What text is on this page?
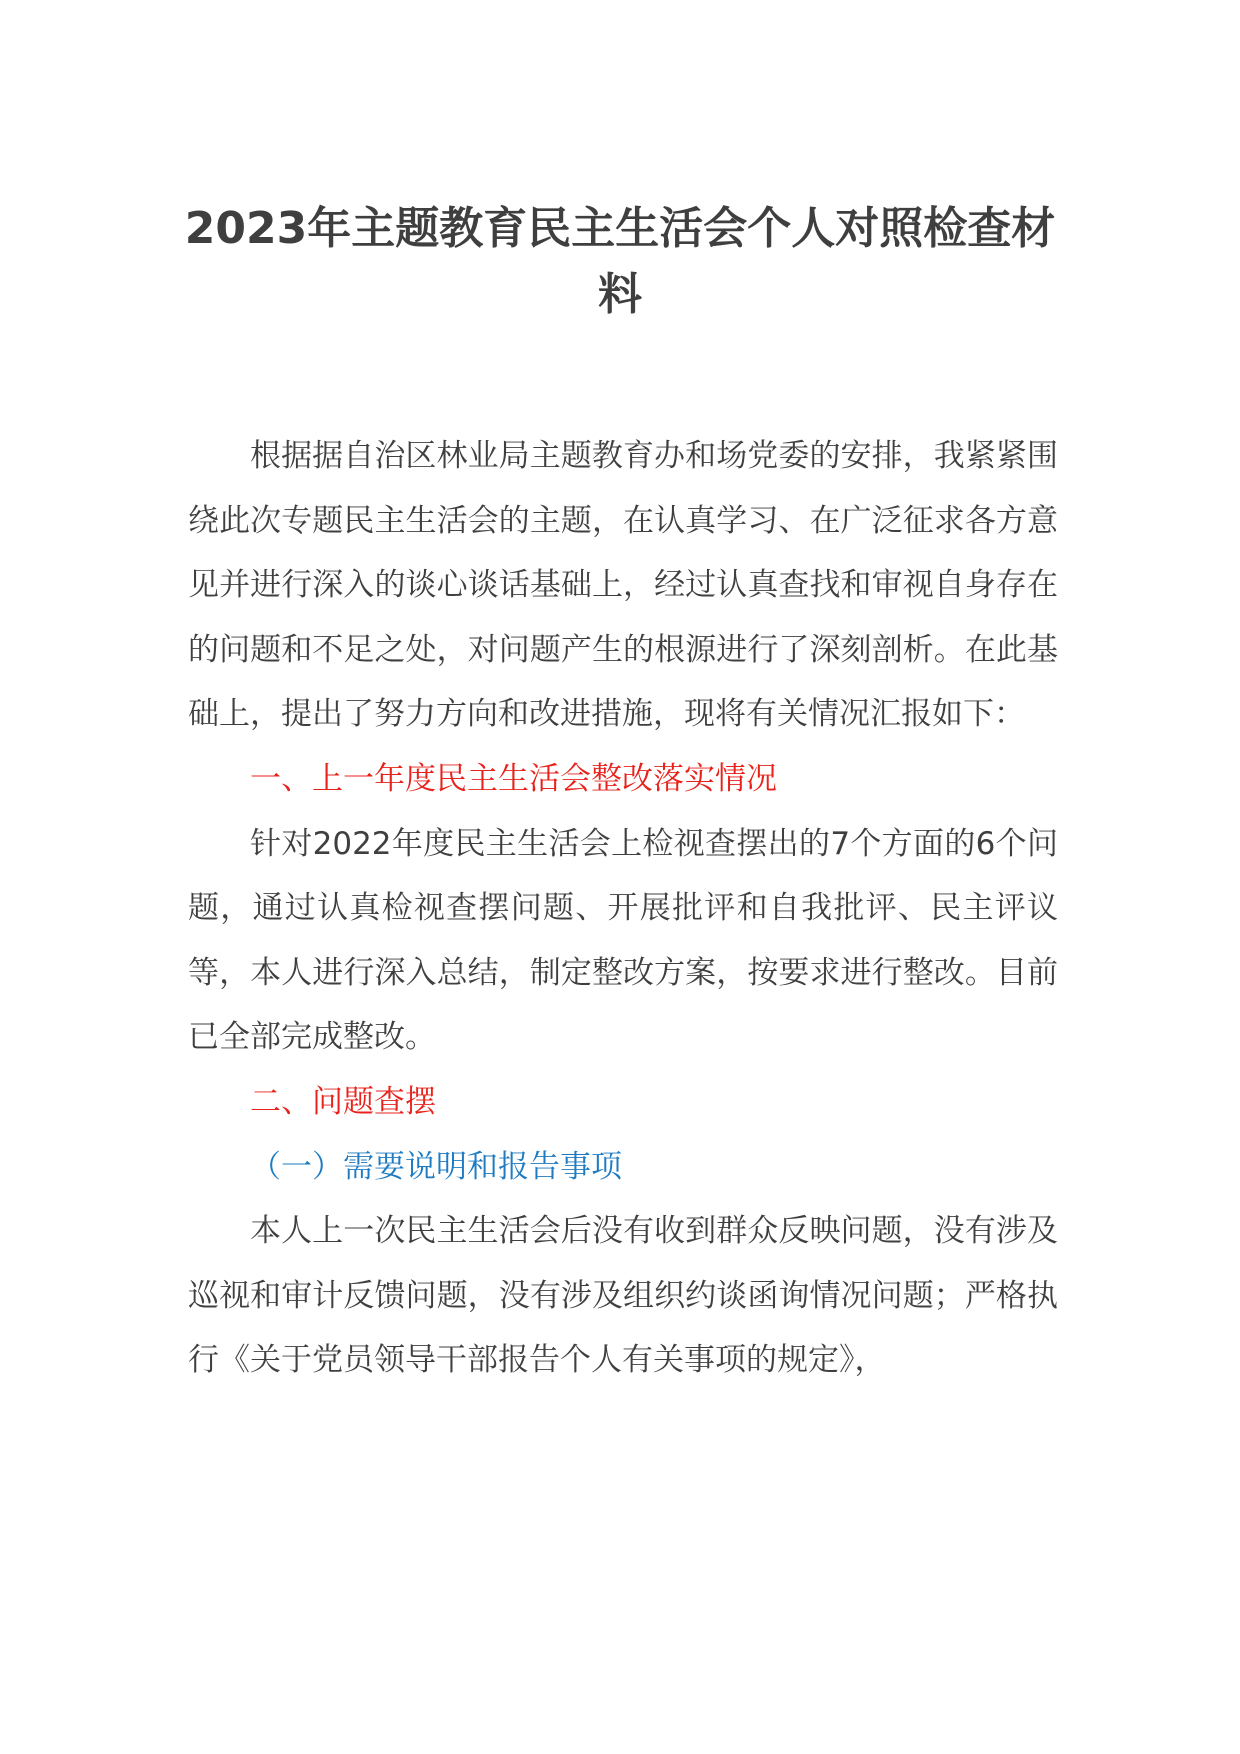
2023年主题教育民主生活会个人对照检查材料

根据据自治区林业局主题教育办和场党委的安排，我紧紧围绕此次专题民主生活会的主题，在认真学习、在广泛征求各方意见并进行深入的谈心谈话基础上，经过认真查找和审视自身存在的问题和不足之处，对问题产生的根源进行了深刻剖析。在此基础上，提出了努力方向和改进措施，现将有关情况汇报如下：

一、上一年度民主生活会整改落实情况

针对2022年度民主生活会上检视查摆出的7个方面的6个问题，通过认真检视查摆问题、开展批评和自我批评、民主评议等，本人进行深入总结，制定整改方案，按要求进行整改。目前已全部完成整改。

二、问题查摆

（一）需要说明和报告事项

本人上一次民主生活会后没有收到群众反映问题，没有涉及巡视和审计反馈问题，没有涉及组织约谈函询情况问题；严格执行《关于党员领导干部报告个人有关事项的规定》，
